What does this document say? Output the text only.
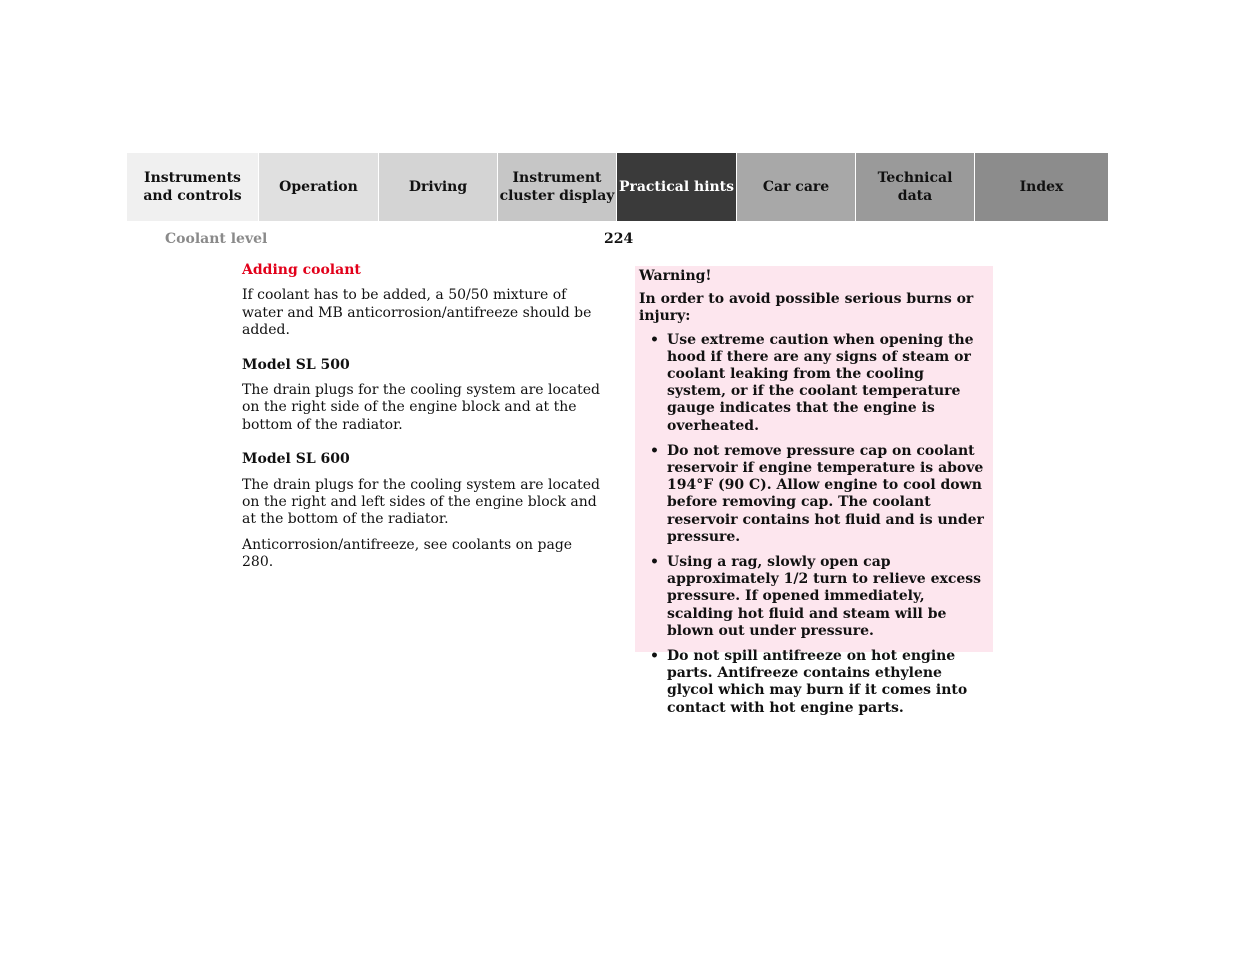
Instruments
and controls
Operation	Driving
Instrument
cluster display
Practical hints Car care
Technical
data
Index
Coolant level	224

Adding coolant

If coolant has to be added, a 50/50 mixture of water and MB anticorrosion/antifreeze should be added.

Model SL 500

The drain plugs for the cooling system are located on the right side of the engine block and at the bottom of the radiator.

Model SL 600

The drain plugs for the cooling system are located on the right and left sides of the engine block and at the bottom of the radiator.

Anticorrosion/antifreeze, see coolants on page 280.

Warning!

In order to avoid possible serious burns or injury:

• Use extreme caution when opening the hood if there are any signs of steam or coolant leaking from the cooling system, or if the coolant temperature gauge indicates that the engine is overheated.
• Do not remove pressure cap on coolant reservoir if engine temperature is above 194°F (90 C). Allow engine to cool down before removing cap. The coolant reservoir contains hot fluid and is under pressure.
• Using a rag, slowly open cap approximately 1/2 turn to relieve excess pressure. If opened immediately, scalding hot fluid and steam will be blown out under pressure.
• Do not spill antifreeze on hot engine parts. Antifreeze contains ethylene glycol which may burn if it comes into contact with hot engine parts.
